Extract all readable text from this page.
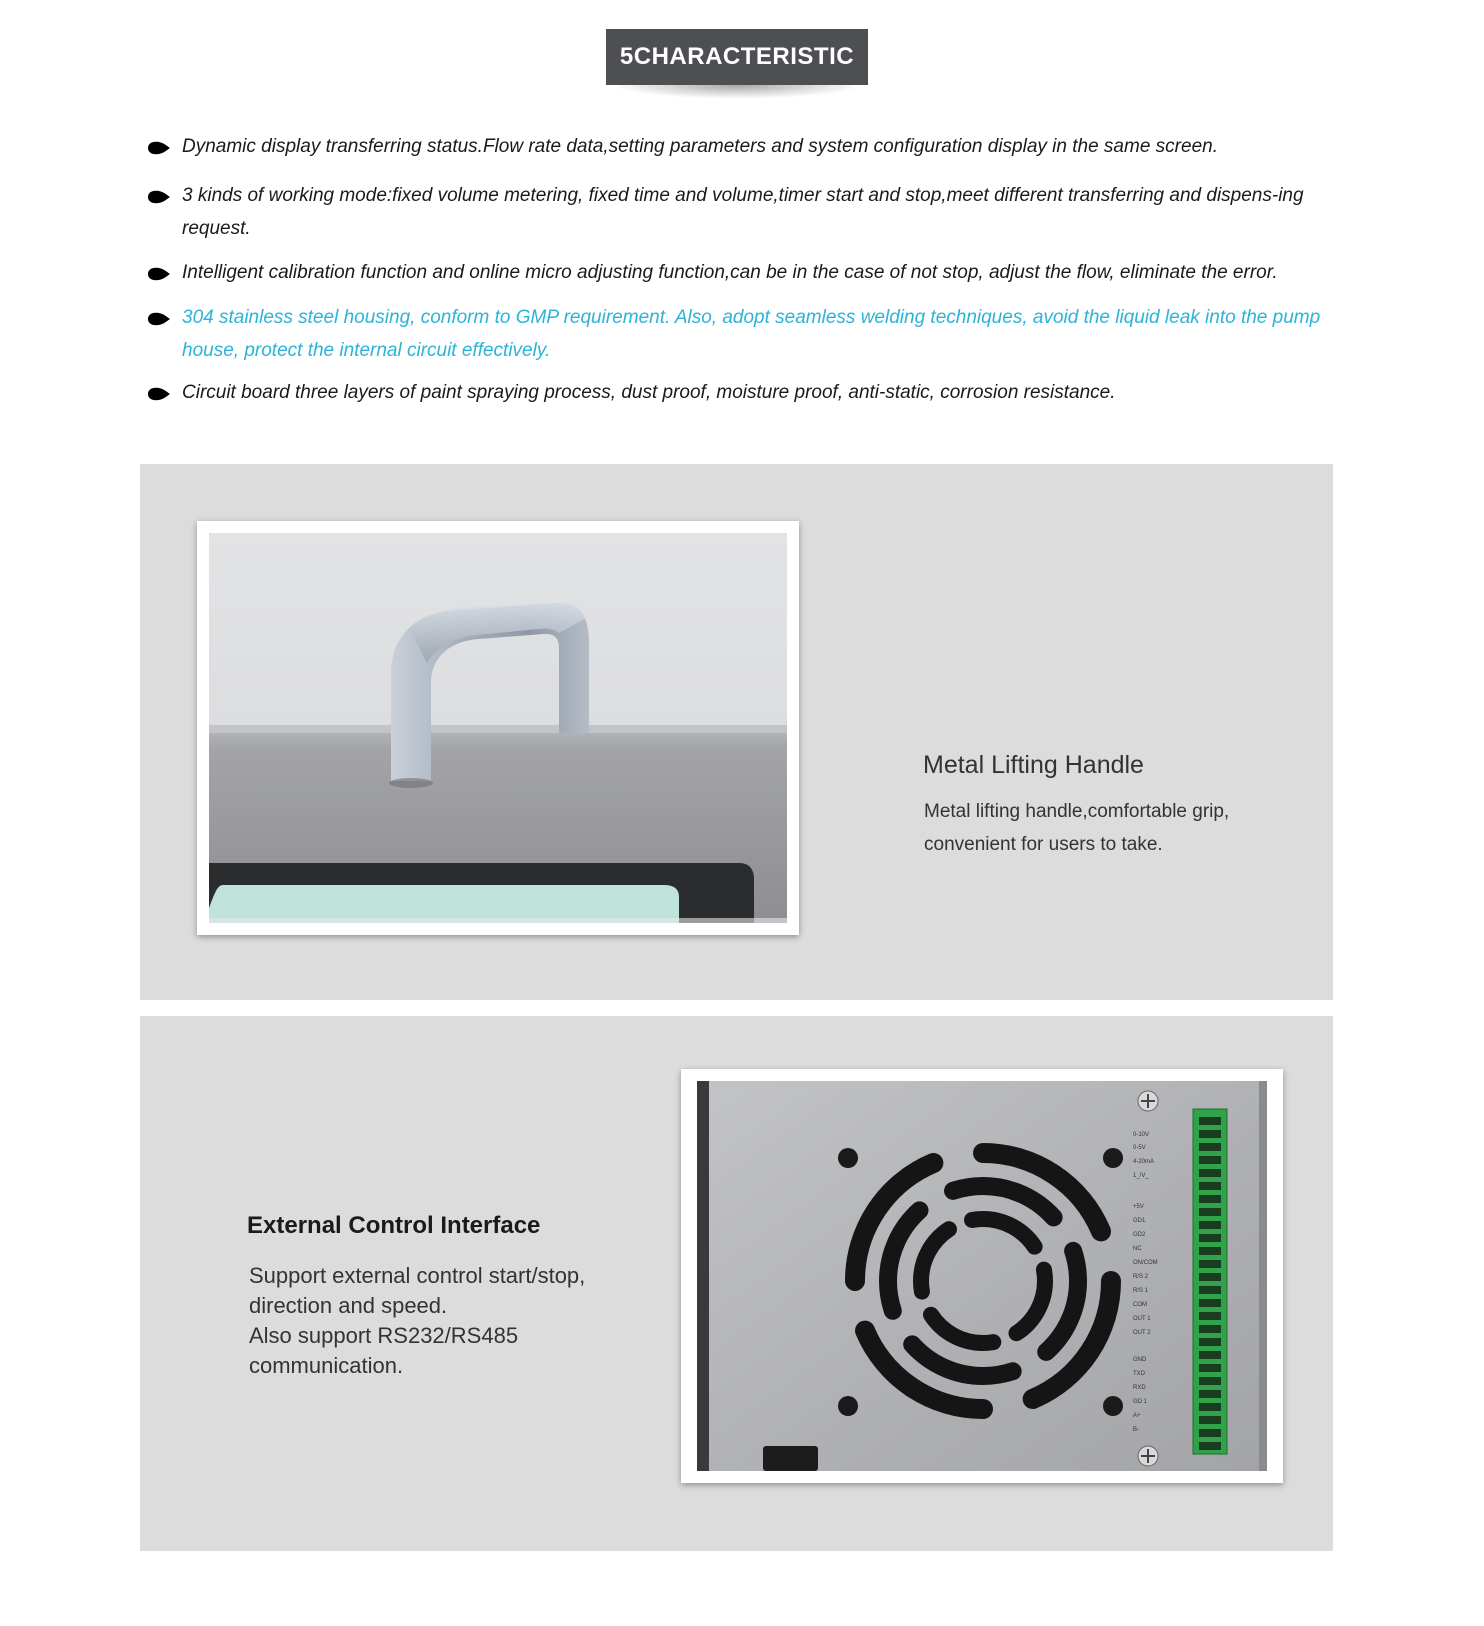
5CHARACTERISTIC
Dynamic display transferring status.Flow rate data,setting parameters and system configuration display in the same screen.
3 kinds of working mode:fixed volume metering, fixed time and volume,timer start and stop,meet different transferring and dispens-ing request.
Intelligent calibration function and online micro adjusting function,can be in the case of not stop, adjust the flow, eliminate the error.
304 stainless steel housing, conform to GMP requirement. Also, adopt seamless welding techniques, avoid the liquid leak into the pump house, protect the internal circuit effectively.
Circuit board three layers of paint spraying process, dust proof, moisture proof, anti-static, corrosion resistance.
Metal Lifting Handle
Metal lifting handle,comfortable grip, convenient for users to take.
External Control Interface
Support external control start/stop,
direction and speed.
Also support RS232/RS485
communication.
0-10V
0-5V
4-20mA
1_/V_
+5V
GD1
GD2
NC
ON/COM
R/S 2
R/S 1
COM
OUT 1
OUT 2
GND
TXD
RXD
GD 1
A+
B-
